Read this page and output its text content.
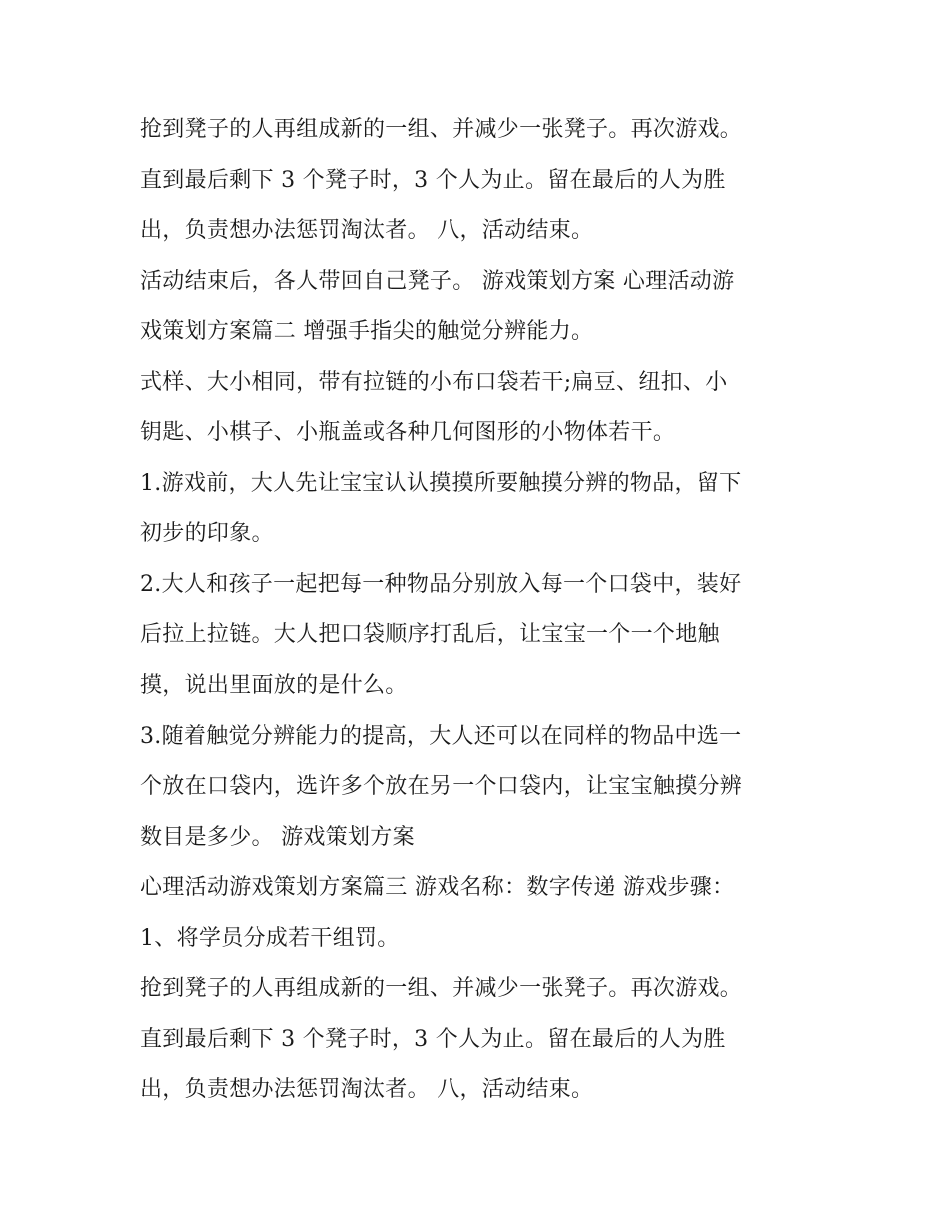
抢到凳子的人再组成新的一组、并减少一张凳子。再次游戏。
直到最后剩下 3 个凳子时，3 个人为止。留在最后的人为胜
出，负责想办法惩罚淘汰者。 八，活动结束。
活动结束后，各人带回自己凳子。 游戏策划方案 心理活动游
戏策划方案篇二 增强手指尖的触觉分辨能力。
式样、大小相同，带有拉链的小布口袋若干;扁豆、纽扣、小
钥匙、小棋子、小瓶盖或各种几何图形的小物体若干。
1.游戏前，大人先让宝宝认认摸摸所要触摸分辨的物品，留下
初步的印象。
2.大人和孩子一起把每一种物品分别放入每一个口袋中，装好
后拉上拉链。大人把口袋顺序打乱后，让宝宝一个一个地触
摸，说出里面放的是什么。
3.随着触觉分辨能力的提高，大人还可以在同样的物品中选一
个放在口袋内，选许多个放在另一个口袋内，让宝宝触摸分辨
数目是多少。 游戏策划方案
心理活动游戏策划方案篇三 游戏名称：数字传递 游戏步骤：
1、将学员分成若干组罚。
抢到凳子的人再组成新的一组、并减少一张凳子。再次游戏。
直到最后剩下 3 个凳子时，3 个人为止。留在最后的人为胜
出，负责想办法惩罚淘汰者。 八，活动结束。
